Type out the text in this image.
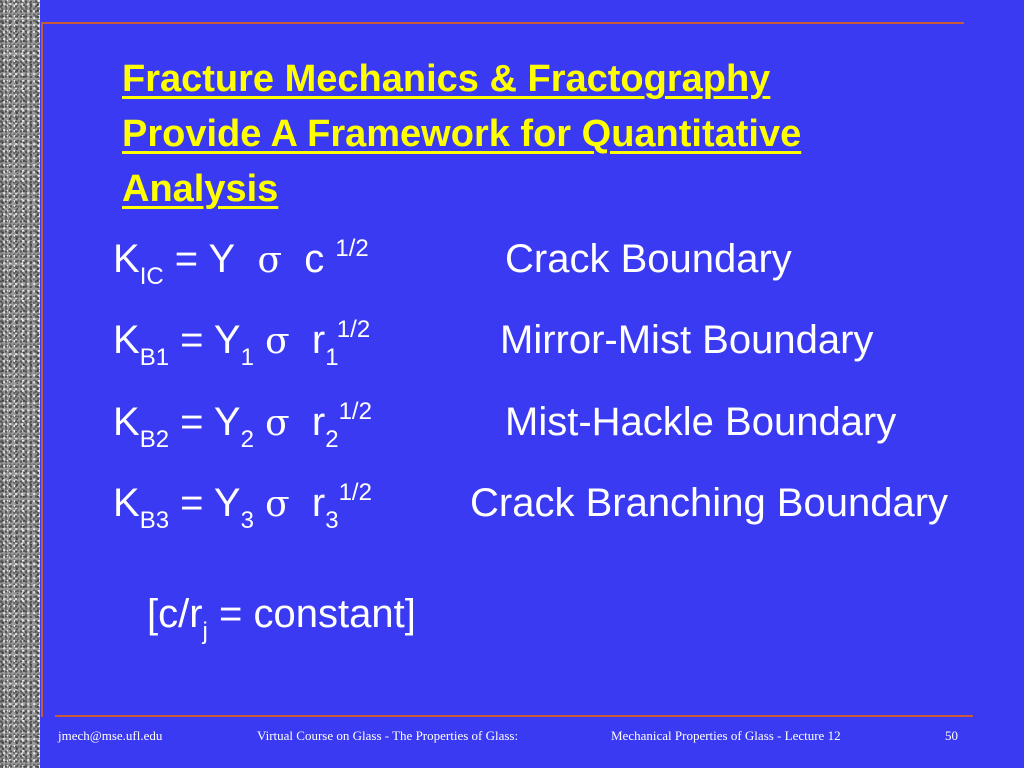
Fracture Mechanics & Fractography
Provide A Framework for Quantitative
Analysis
$K_{IC} = Y$ σ c $^{1/2}$	Crack Boundary
$K_{B1} = Y_1$ σ $r_1^{1/2}$	Mirror-Mist Boundary
$K_{B2} = Y_2$ σ $r_2^{1/2}$	Mist-Hackle Boundary
$K_{B3} = Y_3$ σ $r_3^{1/2}$ Crack Branching Boundary
[$c/r_j$ = constant]
jmech@mse.ufl.edu	Virtual Course on Glass - The Properties of Glass:	Mechanical Properties of Glass - Lecture 12	50
